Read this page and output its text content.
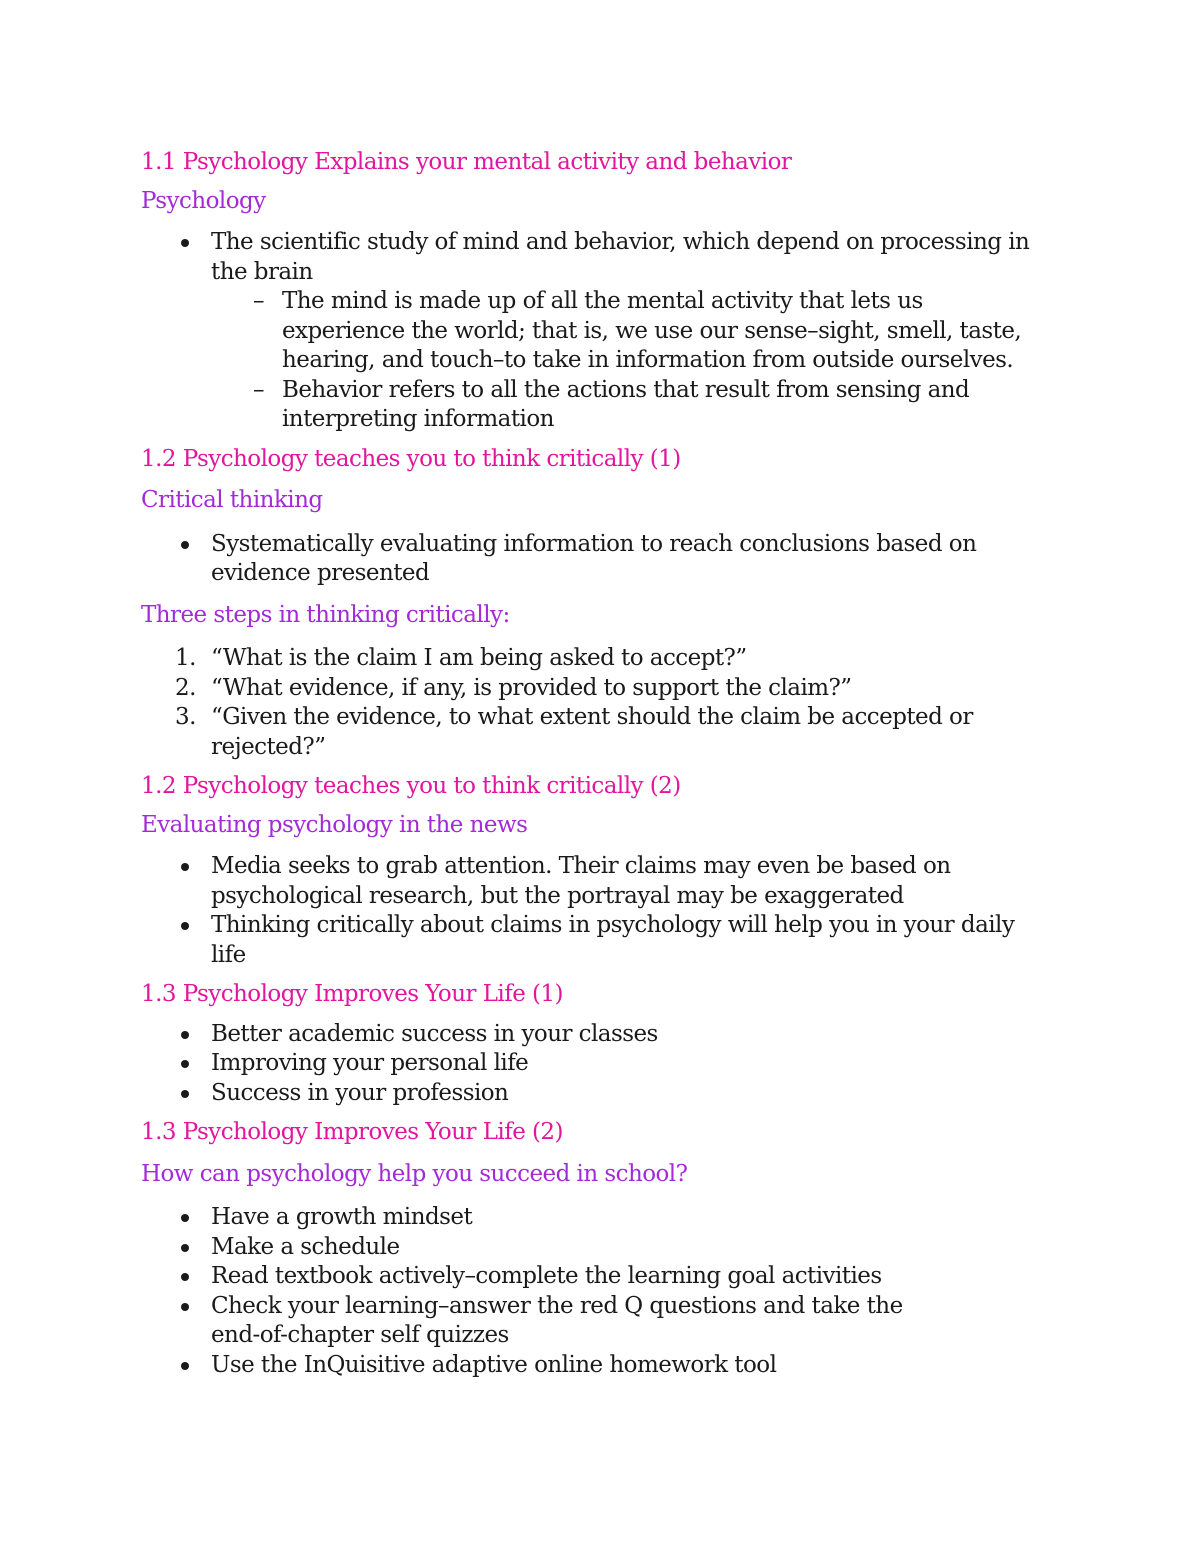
1.1 Psychology Explains your mental activity and behavior
Psychology
The scientific study of mind and behavior, which depend on processing in
the brain
– The mind is made up of all the mental activity that lets us
experience the world; that is, we use our sense–sight, smell, taste,
hearing, and touch–to take in information from outside ourselves.
– Behavior refers to all the actions that result from sensing and
interpreting information
1.2 Psychology teaches you to think critically (1)
Critical thinking
Systematically evaluating information to reach conclusions based on
evidence presented
Three steps in thinking critically:
1. “What is the claim I am being asked to accept?”
2. “What evidence, if any, is provided to support the claim?”
3. “Given the evidence, to what extent should the claim be accepted or
rejected?”
1.2 Psychology teaches you to think critically (2)
Evaluating psychology in the news
Media seeks to grab attention. Their claims may even be based on
psychological research, but the portrayal may be exaggerated
Thinking critically about claims in psychology will help you in your daily
life
1.3 Psychology Improves Your Life (1)
Better academic success in your classes
Improving your personal life
Success in your profession
1.3 Psychology Improves Your Life (2)
How can psychology help you succeed in school?
Have a growth mindset
Make a schedule
Read textbook actively–complete the learning goal activities
Check your learning–answer the red Q questions and take the
end-of-chapter self quizzes
Use the InQuisitive adaptive online homework tool
